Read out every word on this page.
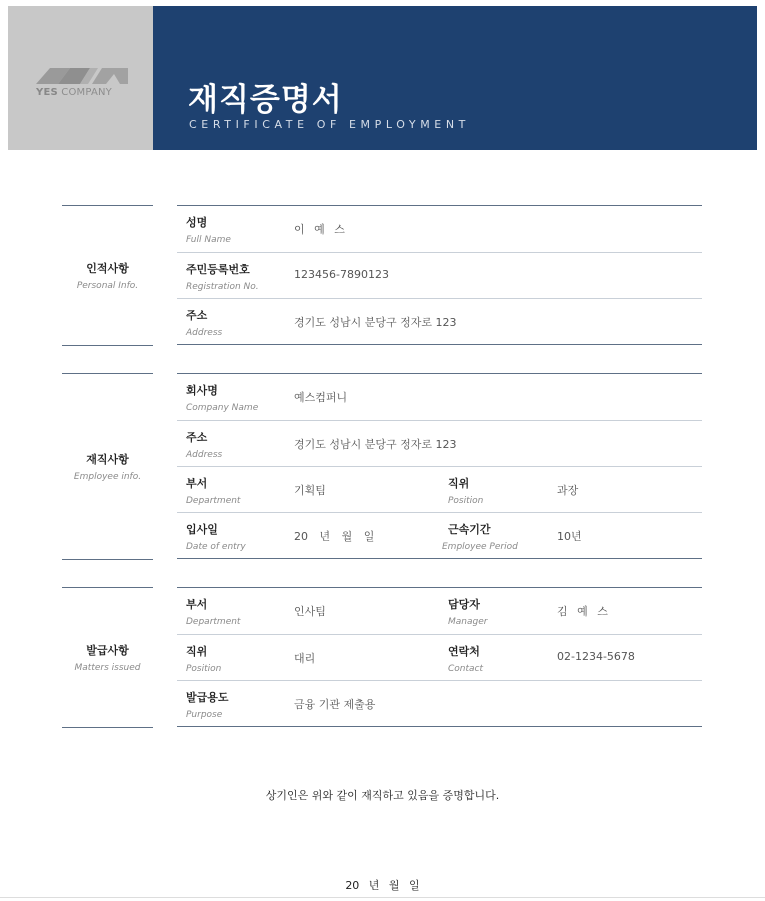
YES COMPANY 재직증명서
CERTIFICATE OF EMPLOYMENT
인적사항
Personal Info.
성명
Full Name
이 예 스
주민등록번호
Registration No.
123456-7890123
주소
Address
경기도 성남시 분당구 정자로 123
재직사항
Employee info.
회사명
Company Name
예스컴퍼니
주소
Address
경기도 성남시 분당구 정자로 123
부서
Department
기획팀
직위
Position
과장
입사일
Date of entry
20 년 월 일
근속기간
Employee Period
10년
발급사항
Matters issued
부서
Department
인사팀
담당자
Manager
김 예 스
직위
Position
대리
연락처
Contact
02-1234-5678
발급용도
Purpose
금융 기관 제출용
상기인은 위와 같이 재직하고 있음을 증명합니다.
20 년 월 일
